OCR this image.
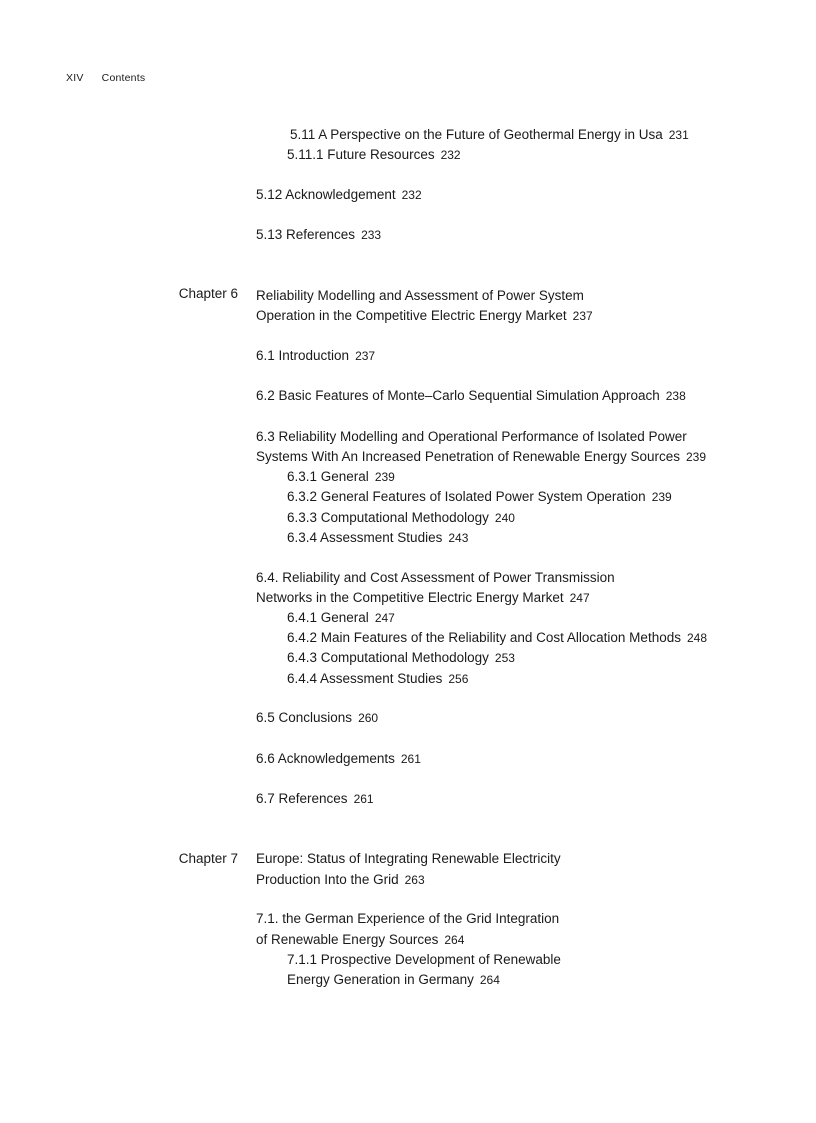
XIV Contents
5.11 A Perspective on the Future of Geothermal Energy in Usa 231
5.11.1 Future Resources 232
5.12 Acknowledgement 232
5.13 References 233
Chapter 6 Reliability Modelling and Assessment of Power System
Operation in the Competitive Electric Energy Market 237
6.1 Introduction 237
6.2 Basic Features of Monte–Carlo Sequential Simulation Approach 238
6.3 Reliability Modelling and Operational Performance of Isolated Power
Systems With An Increased Penetration of Renewable Energy Sources 239
6.3.1 General 239
6.3.2 General Features of Isolated Power System Operation 239
6.3.3 Computational Methodology 240
6.3.4 Assessment Studies 243
6.4. Reliability and Cost Assessment of Power Transmission
Networks in the Competitive Electric Energy Market 247
6.4.1 General 247
6.4.2 Main Features of the Reliability and Cost Allocation Methods 248
6.4.3 Computational Methodology 253
6.4.4 Assessment Studies 256
6.5 Conclusions 260
6.6 Acknowledgements 261
6.7 References 261
Chapter 7 Europe: Status of Integrating Renewable Electricity
Production Into the Grid 263
7.1. the German Experience of the Grid Integration
of Renewable Energy Sources 264
7.1.1 Prospective Development of Renewable
Energy Generation in Germany 264
